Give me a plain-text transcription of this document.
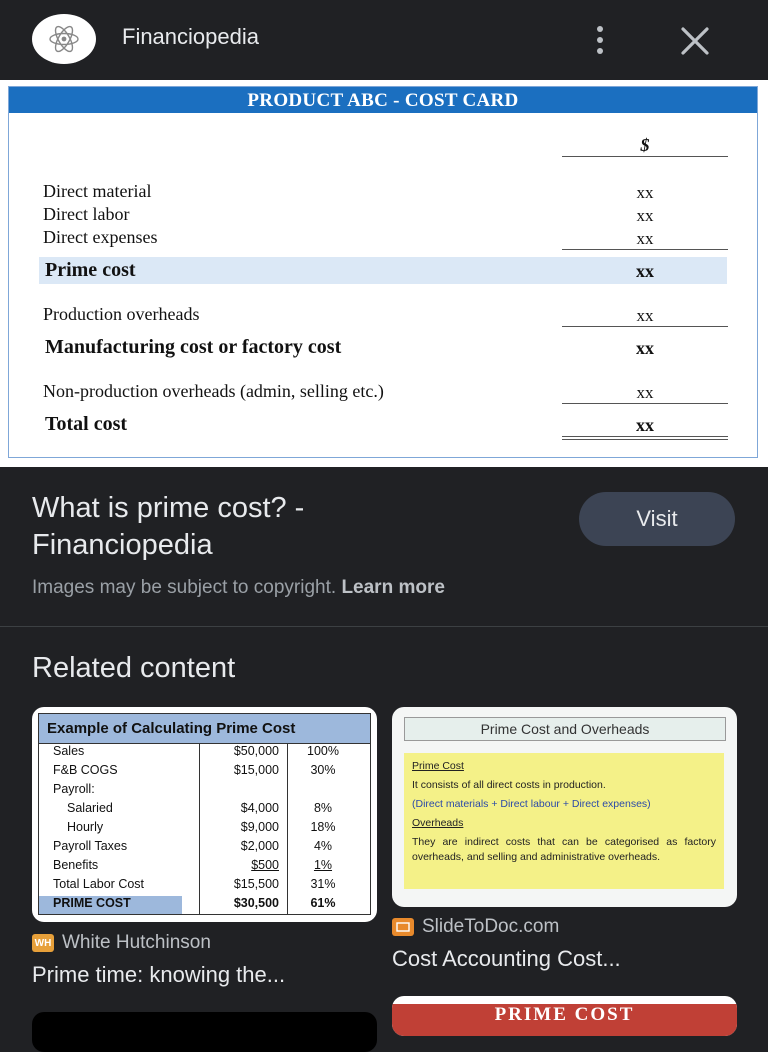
Financiopedia
PRODUCT ABC - COST CARD
$
Direct material	xx
Direct labor	xx
Direct expenses	xx
Prime cost	xx
Production overheads	xx
Manufacturing cost or factory cost	xx
Non-production overheads (admin, selling etc.)	xx
Total cost	xx
What is prime cost? - Financiopedia
Visit
Images may be subject to copyright. Learn more
Related content
Example of Calculating Prime Cost
Sales	$50,000	100%
F&B COGS	$15,000	30%
Payroll:
Salaried	$4,000	8%
Hourly	$9,000	18%
Payroll Taxes	$2,000	4%
Benefits	$500	1%
Total Labor Cost	$15,500	31%
PRIME COST	$30,500	61%
WH White Hutchinson
Prime time: knowing the...
Prime Cost and Overheads
Prime Cost
It consists of all direct costs in production.
(Direct materials + Direct labour + Direct expenses)
Overheads
They are indirect costs that can be categorised as factory overheads, and selling and administrative overheads.
SlideToDoc.com
Cost Accounting Cost...
PRIME COST
